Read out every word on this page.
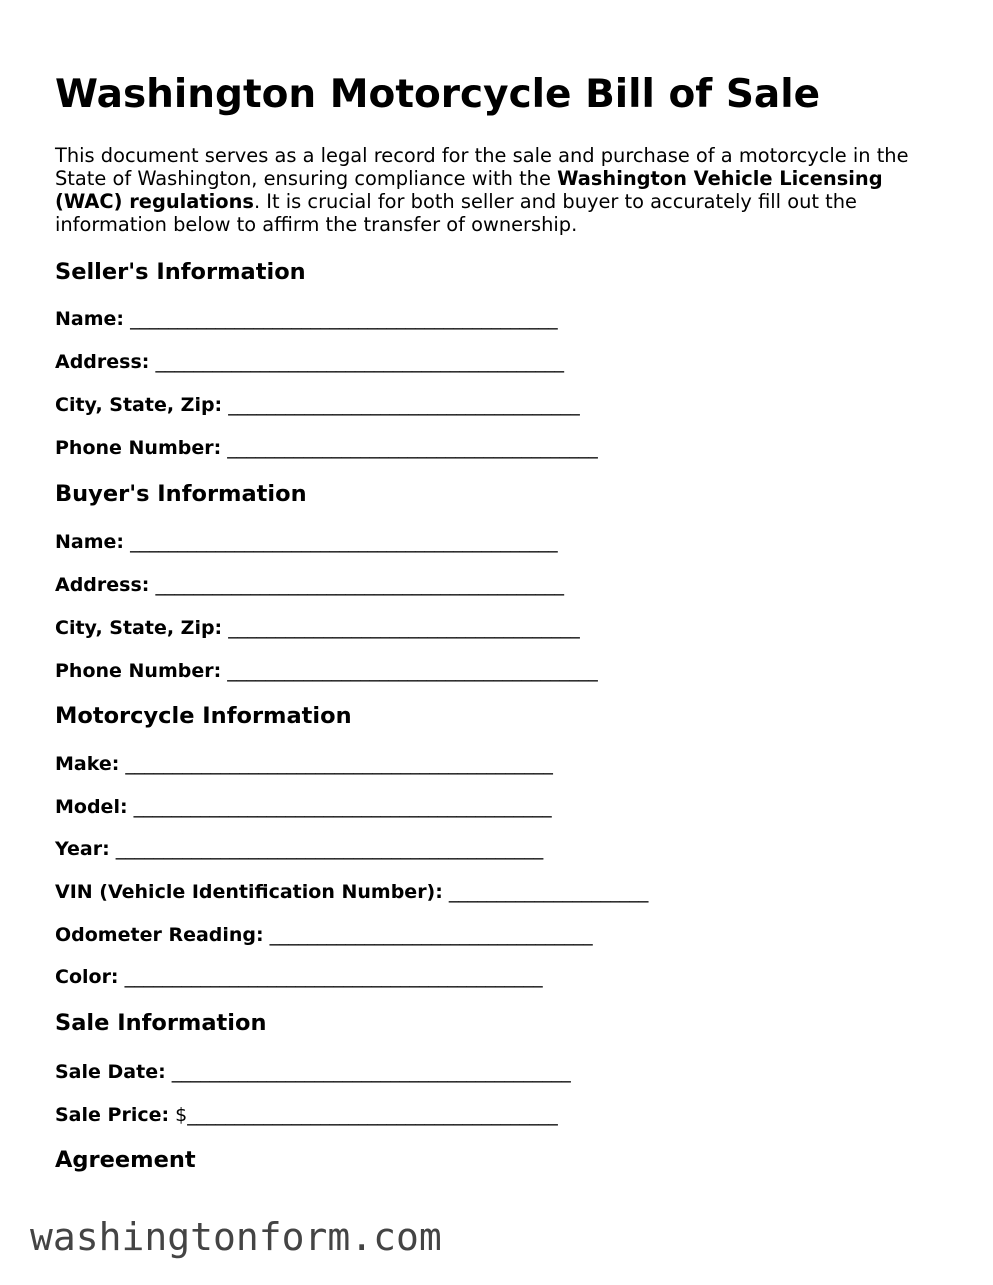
Washington Motorcycle Bill of Sale

This document serves as a legal record for the sale and purchase of a motorcycle in the State of Washington, ensuring compliance with the Washington Vehicle Licensing (WAC) regulations. It is crucial for both seller and buyer to accurately fill out the information below to affirm the transfer of ownership.

Seller's Information
Name: _____________________________________________
Address: ___________________________________________
City, State, Zip: _____________________________________
Phone Number: _______________________________________
Buyer's Information
Name: _____________________________________________
Address: ___________________________________________
City, State, Zip: _____________________________________
Phone Number: _______________________________________
Motorcycle Information
Make: _____________________________________________
Model: ____________________________________________
Year: _____________________________________________
VIN (Vehicle Identification Number): _____________________
Odometer Reading: __________________________________
Color: ____________________________________________
Sale Information
Sale Date: __________________________________________
Sale Price: $_______________________________________
Agreement
washingtonform.com
